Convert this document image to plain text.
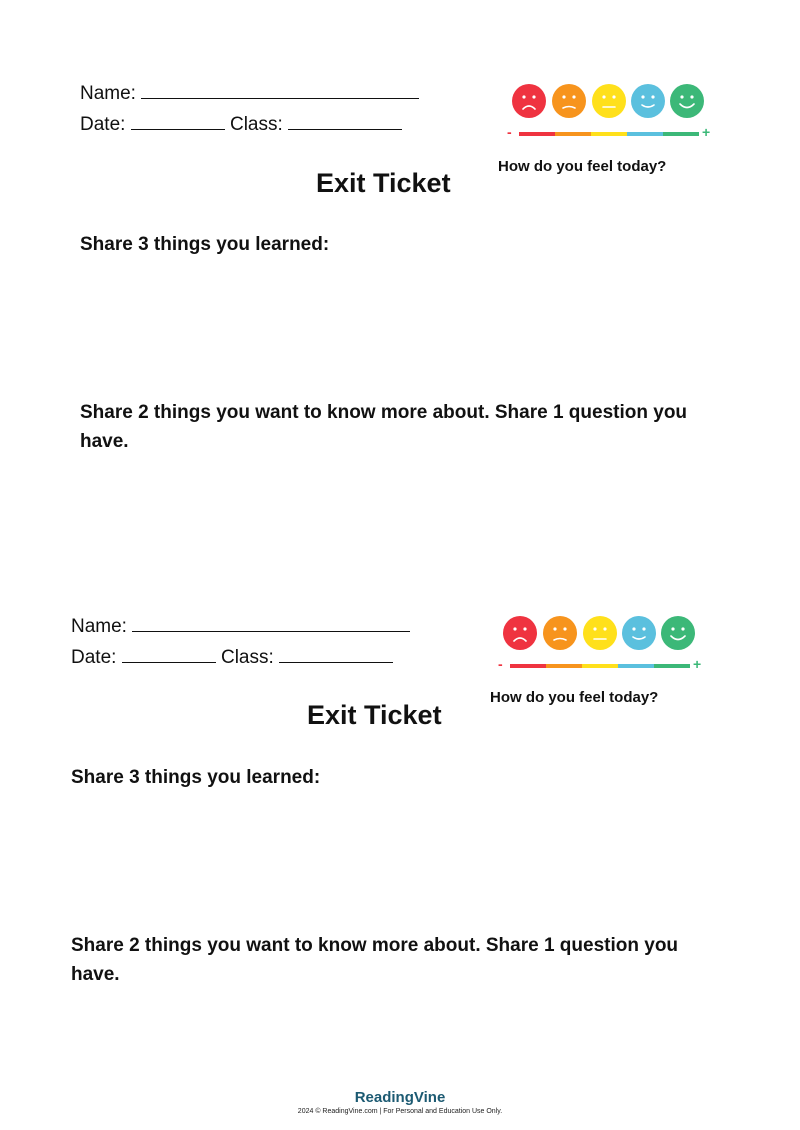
Name:
Date:	Class:	-	+
How do you feel today?
Exit Ticket
Share 3 things you learned:
Share 2 things you want to know more about. Share 1 question you have.
Name:
Date:	Class:	-	+
How do you feel today?
Exit Ticket
Share 3 things you learned:
Share 2 things you want to know more about. Share 1 question you have.
ReadingVine
2024 © ReadingVine.com | For Personal and Education Use Only.
